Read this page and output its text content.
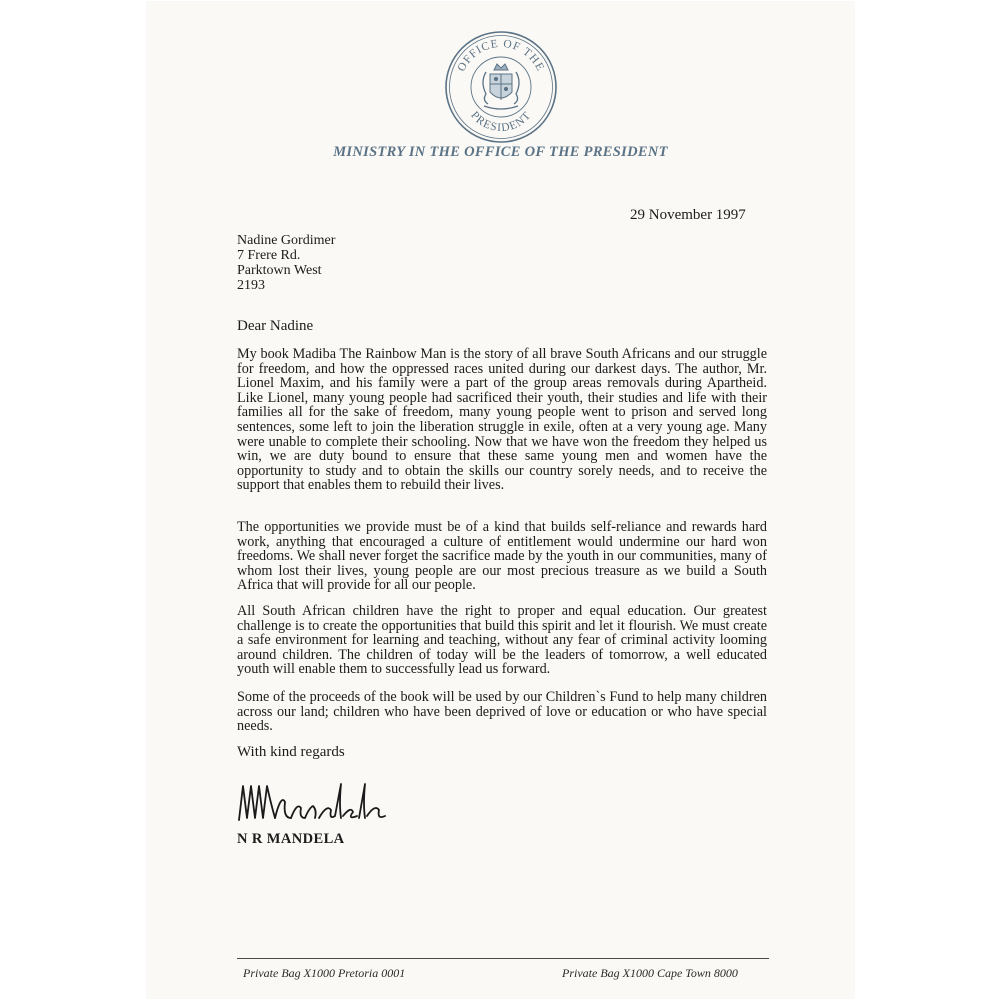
OFFICE OF THE
PRESIDENT
MINISTRY IN THE OFFICE OF THE PRESIDENT
29 November 1997
Nadine Gordimer
7 Frere Rd.
Parktown West
2193
Dear Nadine

My book Madiba The Rainbow Man is the story of all brave South Africans and our struggle for freedom, and how the oppressed races united during our darkest days. The author, Mr. Lionel Maxim, and his family were a part of the group areas removals during Apartheid. Like Lionel, many young people had sacrificed their youth, their studies and life with their families all for the sake of freedom, many young people went to prison and served long sentences, some left to join the liberation struggle in exile, often at a very young age. Many were unable to complete their schooling. Now that we have won the freedom they helped us win, we are duty bound to ensure that these same young men and women have the opportunity to study and to obtain the skills our country sorely needs, and to receive the support that enables them to rebuild their lives.

The opportunities we provide must be of a kind that builds self-reliance and rewards hard work, anything that encouraged a culture of entitlement would undermine our hard won freedoms. We shall never forget the sacrifice made by the youth in our communities, many of whom lost their lives, young people are our most precious treasure as we build a South Africa that will provide for all our people.

All South African children have the right to proper and equal education. Our greatest challenge is to create the opportunities that build this spirit and let it flourish. We must create a safe environment for learning and teaching, without any fear of criminal activity looming around children. The children of today will be the leaders of tomorrow, a well educated youth will enable them to successfully lead us forward.

Some of the proceeds of the book will be used by our Children`s Fund to help many children across our land; children who have been deprived of love or education or who have special needs.

With kind regards
N R MANDELA
Private Bag X1000 Pretoria 0001	Private Bag X1000 Cape Town 8000
